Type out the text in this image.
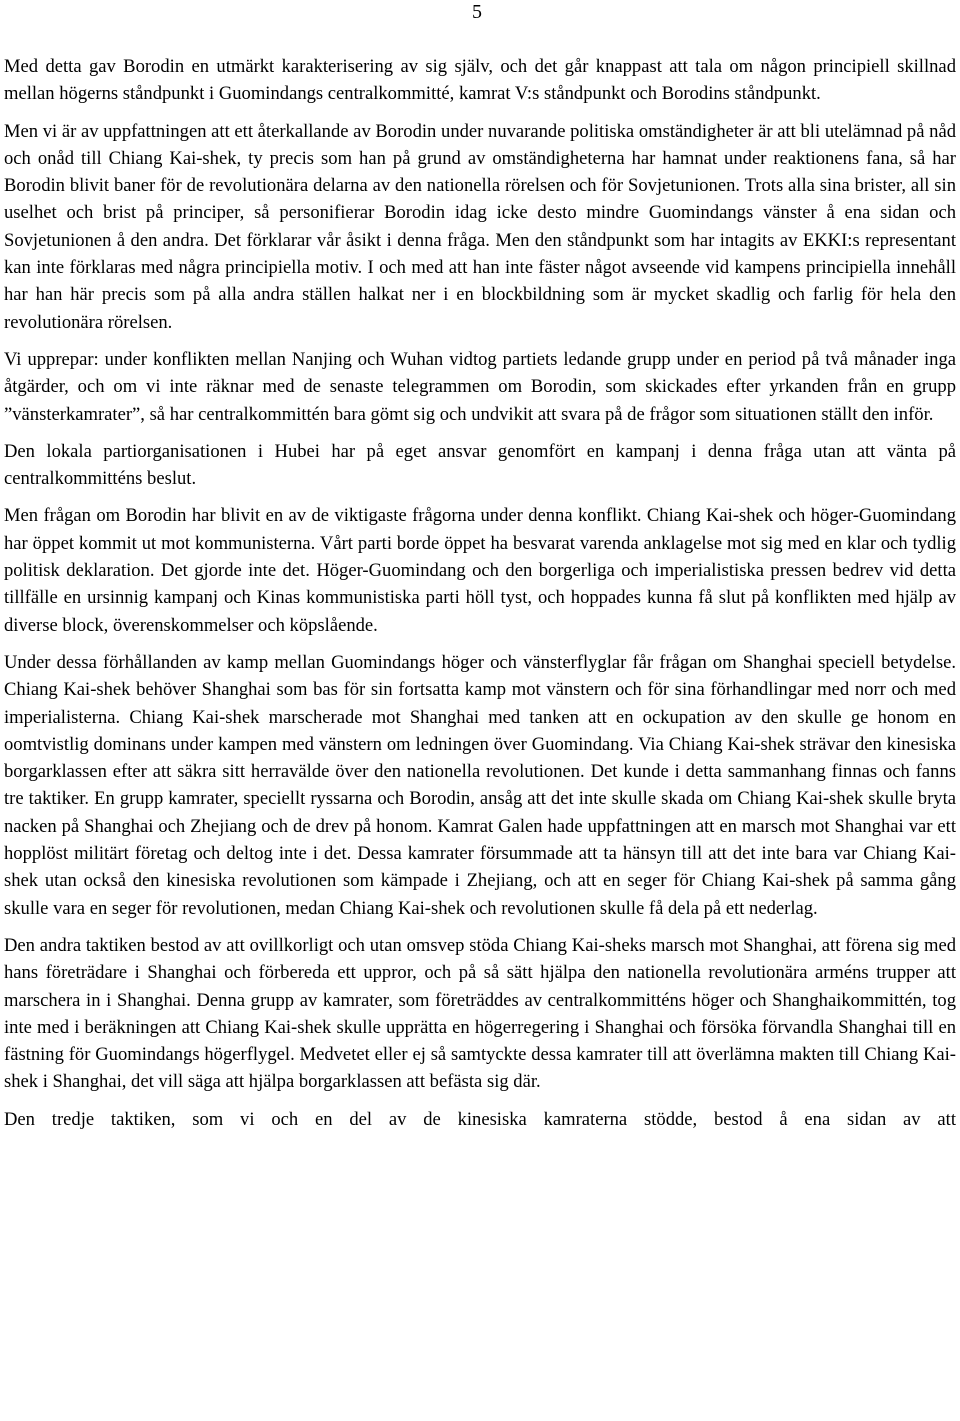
5

Med detta gav Borodin en utmärkt karakterisering av sig själv, och det går knappast att tala om någon principiell skillnad mellan högerns ståndpunkt i Guomindangs centralkommitté, kamrat V:s ståndpunkt och Borodins ståndpunkt.

Men vi är av uppfattningen att ett återkallande av Borodin under nuvarande politiska omständigheter är att bli utelämnad på nåd och onåd till Chiang Kai-shek, ty precis som han på grund av omständigheterna har hamnat under reaktionens fana, så har Borodin blivit baner för de revolutionära delarna av den nationella rörelsen och för Sovjetunionen. Trots alla sina brister, all sin uselhet och brist på principer, så personifierar Borodin idag icke desto mindre Guomindangs vänster å ena sidan och Sovjetunionen å den andra. Det förklarar vår åsikt i denna fråga. Men den ståndpunkt som har intagits av EKKI:s representant kan inte förklaras med några principiella motiv. I och med att han inte fäster något avseende vid kampens principiella innehåll har han här precis som på alla andra ställen halkat ner i en blockbildning som är mycket skadlig och farlig för hela den revolutionära rörelsen.

Vi upprepar: under konflikten mellan Nanjing och Wuhan vidtog partiets ledande grupp under en period på två månader inga åtgärder, och om vi inte räknar med de senaste telegrammen om Borodin, som skickades efter yrkanden från en grupp ”vänsterkamrater”, så har centralkommittén bara gömt sig och undvikit att svara på de frågor som situationen ställt den inför.

Den lokala partiorganisationen i Hubei har på eget ansvar genomfört en kampanj i denna fråga utan att vänta på centralkommitténs beslut.

Men frågan om Borodin har blivit en av de viktigaste frågorna under denna konflikt. Chiang Kai-shek och höger-Guomindang har öppet kommit ut mot kommunisterna. Vårt parti borde öppet ha besvarat varenda anklagelse mot sig med en klar och tydlig politisk deklaration. Det gjorde inte det. Höger-Guomindang och den borgerliga och imperialistiska pressen bedrev vid detta tillfälle en ursinnig kampanj och Kinas kommunistiska parti höll tyst, och hoppades kunna få slut på konflikten med hjälp av diverse block, överenskommelser och köpslående.

Under dessa förhållanden av kamp mellan Guomindangs höger och vänsterflyglar får frågan om Shanghai speciell betydelse. Chiang Kai-shek behöver Shanghai som bas för sin fortsatta kamp mot vänstern och för sina förhandlingar med norr och med imperialisterna. Chiang Kai-shek marscherade mot Shanghai med tanken att en ockupation av den skulle ge honom en oomtvistlig dominans under kampen med vänstern om ledningen över Guomindang. Via Chiang Kai-shek strävar den kinesiska borgarklassen efter att säkra sitt herravälde över den nationella revolutionen. Det kunde i detta sammanhang finnas och fanns tre taktiker. En grupp kamrater, speciellt ryssarna och Borodin, ansåg att det inte skulle skada om Chiang Kai-shek skulle bryta nacken på Shanghai och Zhejiang och de drev på honom. Kamrat Galen hade uppfattningen att en marsch mot Shanghai var ett hopplöst militärt företag och deltog inte i det. Dessa kamrater försummade att ta hänsyn till att det inte bara var Chiang Kai-shek utan också den kinesiska revolutionen som kämpade i Zhejiang, och att en seger för Chiang Kai-shek på samma gång skulle vara en seger för revolutionen, medan Chiang Kai-shek och revolutionen skulle få dela på ett nederlag.

Den andra taktiken bestod av att ovillkorligt och utan omsvep stöda Chiang Kai-sheks marsch mot Shanghai, att förena sig med hans företrädare i Shanghai och förbereda ett uppror, och på så sätt hjälpa den nationella revolutionära arméns trupper att marschera in i Shanghai. Denna grupp av kamrater, som företräddes av centralkommitténs höger och Shanghaikommittén, tog inte med i beräkningen att Chiang Kai-shek skulle upprätta en högerregering i Shanghai och försöka förvandla Shanghai till en fästning för Guomindangs högerflygel. Medvetet eller ej så samtyckte dessa kamrater till att överlämna makten till Chiang Kai-shek i Shanghai, det vill säga att hjälpa borgarklassen att befästa sig där.

Den tredje taktiken, som vi och en del av de kinesiska kamraterna stödde, bestod å ena sidan av att
